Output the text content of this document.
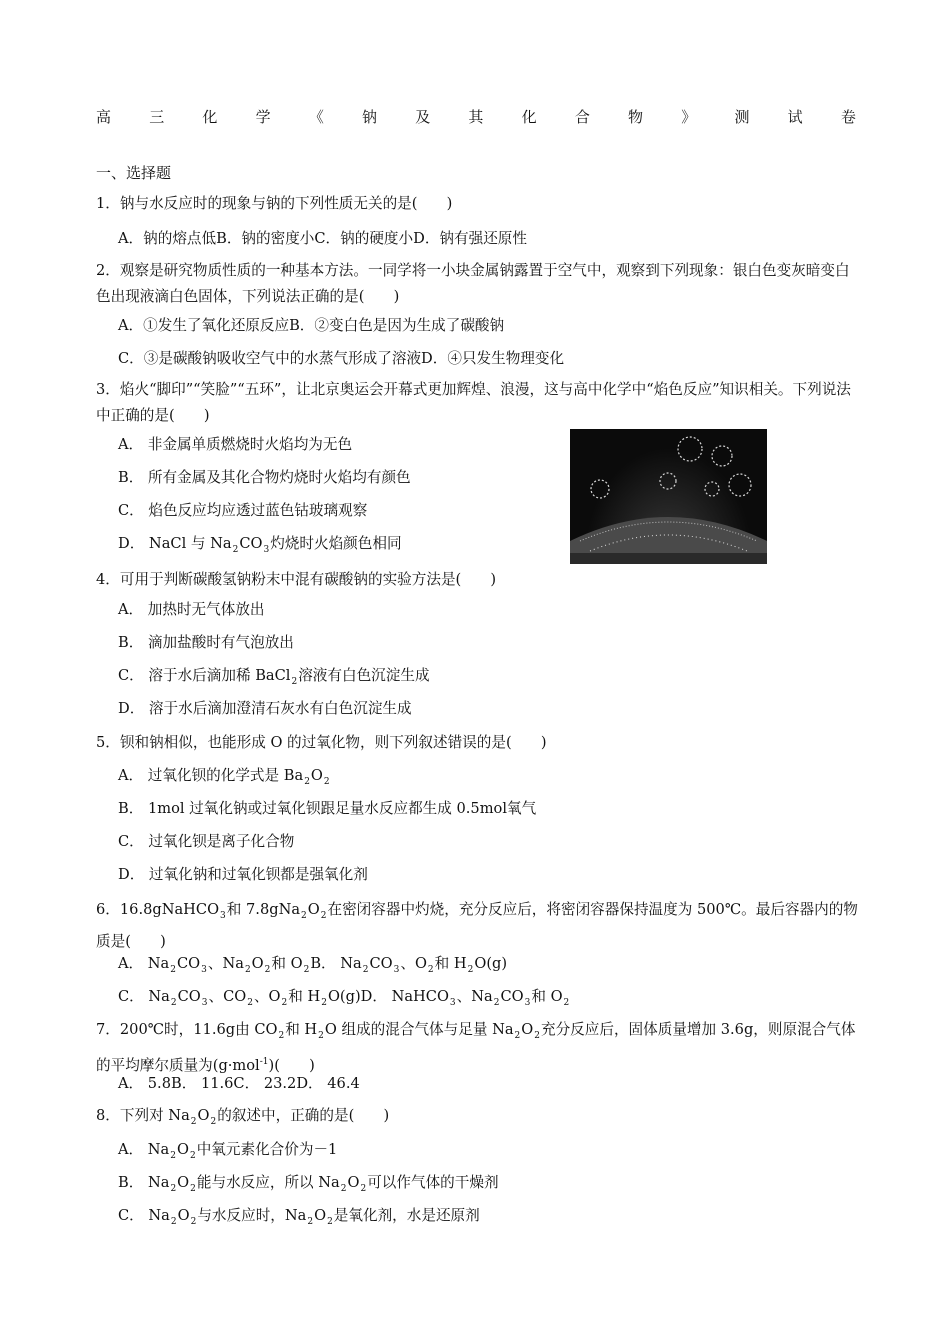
高	三	化	学	《	钠	及	其	化	合	物	》	测	试	卷
一、选择题
1．钠与水反应时的现象与钠的下列性质无关的是(　　)
A．钠的熔点低B．钠的密度小C．钠的硬度小D．钠有强还原性
2．观察是研究物质性质的一种基本方法。一同学将一小块金属钠露置于空气中，观察到下列现象：银白色变灰暗变白色出现液滴白色固体，下列说法正确的是(　　)
A．①发生了氧化还原反应B．②变白色是因为生成了碳酸钠
C．③是碳酸钠吸收空气中的水蒸气形成了溶液D．④只发生物理变化
3．焰火“脚印”“笑脸”“五环”，让北京奥运会开幕式更加辉煌、浪漫，这与高中化学中“焰色反应”知识相关。下列说法中正确的是(　　)
A． 非金属单质燃烧时火焰均为无色
B． 所有金属及其化合物灼烧时火焰均有颜色
C． 焰色反应均应透过蓝色钴玻璃观察
D． NaCl 与 $Na_2CO_3$灼烧时火焰颜色相同
4．可用于判断碳酸氢钠粉末中混有碳酸钠的实验方法是(　　)
A． 加热时无气体放出
B． 滴加盐酸时有气泡放出
C． 溶于水后滴加稀 BaCl$_2$溶液有白色沉淀生成
D． 溶于水后滴加澄清石灰水有白色沉淀生成
5．钡和钠相似，也能形成 O 的过氧化物，则下列叙述错误的是(　　)
A． 过氧化钡的化学式是 $Ba_2O_2$
B． 1mol 过氧化钠或过氧化钡跟足量水反应都生成 0.5mol氧气
C． 过氧化钡是离子化合物
D． 过氧化钠和过氧化钡都是强氧化剂
6．16.8gNaHCO$_3$和 $7.8gNa_2O_2$在密闭容器中灼烧，充分反应后，将密闭容器保持温度为 500℃。最后容器内的物质是(　　)
A． $Na_2CO_3$、$Na_2O_2$和 $O_2B$． $Na_2CO_3$、$O_2$和 $H_2O(g)$
C． $Na_2CO_3$、$CO_2$、$O_2$和 $H_2O(g)D$． NaHCO$_3$、$Na_2CO_3$和 $O_2$
7．200℃时，11.6g由 $CO_2$和 $H_2O$ 组成的混合气体与足量 $Na_2O_2$充分反应后，固体质量增加 3.6g，则原混合气体的平均摩尔质量为(g·mol$^{-1}$)(　　)
A． 5.8B． 11.6C． 23.2D． 46.4
8．下列对 $Na_2O_2$的叙述中，正确的是(　　)
A． $Na_2O_2$中氧元素化合价为－1
B． $Na_2O_2$能与水反应，所以 $Na_2O_2$可以作气体的干燥剂
C． $Na_2O_2$与水反应时，$Na_2O_2$是氧化剂，水是还原剂
